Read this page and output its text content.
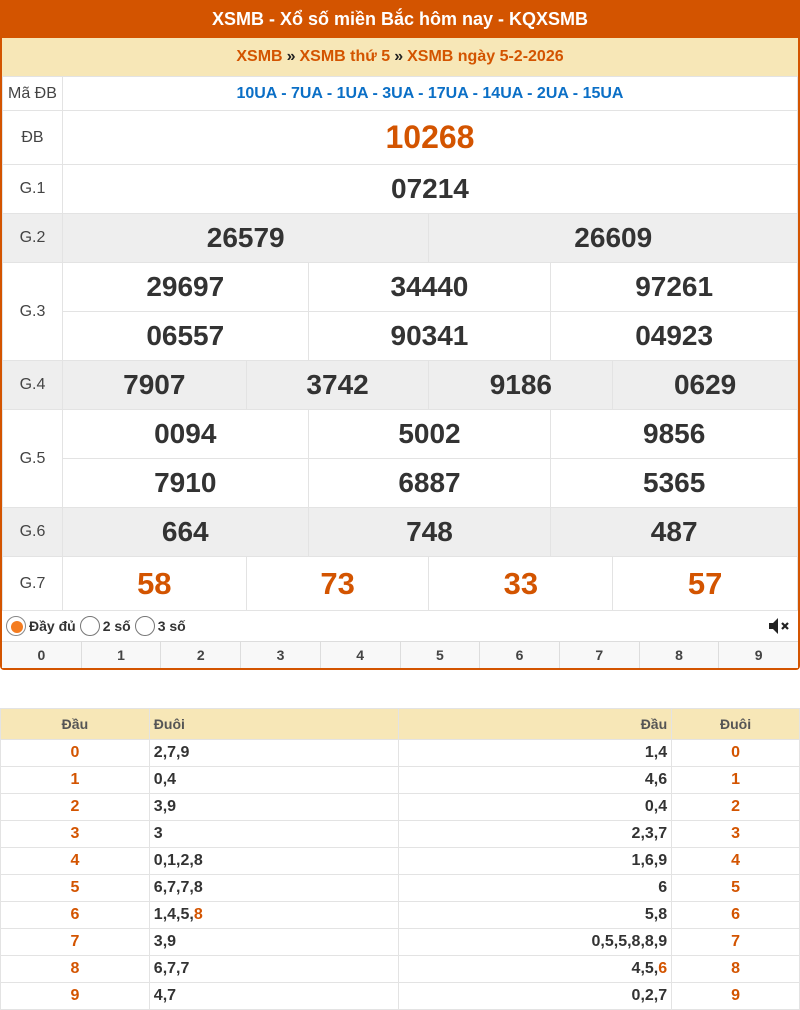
XSMB - Xổ số miền Bắc hôm nay - KQXSMB
XSMB » XSMB thứ 5 » XSMB ngày 5-2-2026
Mã ĐB	10UA - 7UA - 1UA - 3UA - 17UA - 14UA - 2UA - 15UA					
ĐB	10268					
G.1	07214					
G.2	26579			26609		
G.3	29697		34440		97261	
	06557		90341		04923	
G.4	7907	3742		9186		0629
G.5	0094		5002		9856	
	7910		6887		5365	
G.6	664		748		487	
G.7	58	73		33		57
Đầy đủ 2 số 3 số
0	1	2	3	4	5	6	7	8	9
Đầu	Đuôi	Đầu	Đuôi
0	2,7,9	1,4	0
1	0,4	4,6	1
2	3,9	0,4	2
3	3	2,3,7	3
4	0,1,2,8	1,6,9	4
5	6,7,7,8	6	5
6	1,4,5,8	5,8	6
7	3,9	0,5,5,8,8,9	7
8	6,7,7	4,5,6	8
9	4,7	0,2,7	9
